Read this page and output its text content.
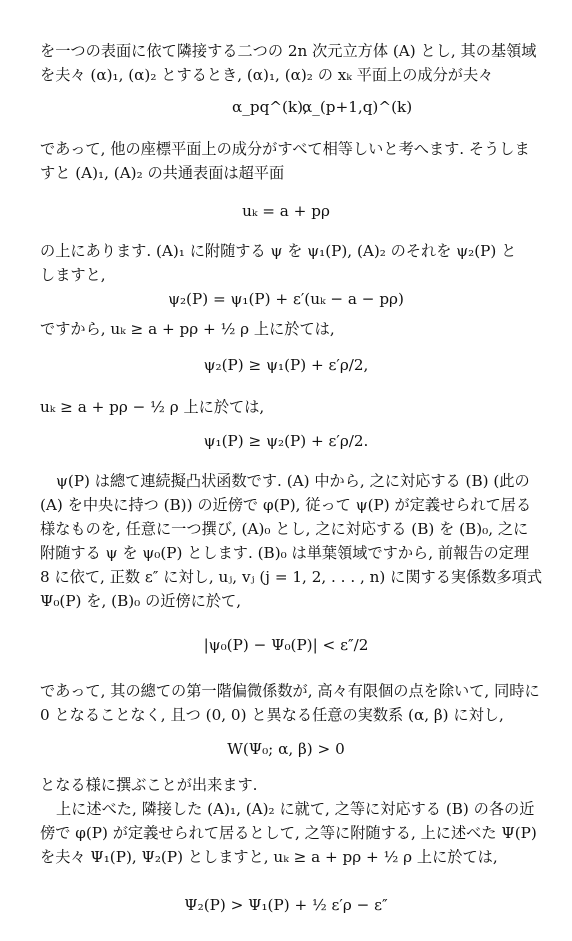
を一つの表面に依て隣接する二つの 2n 次元立方体 (A) とし, 其の基領域
を夫々 (α)₁, (α)₂ とするとき, (α)₁, (α)₂ の xₖ 平面上の成分が夫々
α_pq^(k),
α_(p+1,q)^(k)
であって, 他の座標平面上の成分がすべて相等しいと考へます. そうしま
すと (A)₁, (A)₂ の共通表面は超平面
uₖ = a + pρ
の上にあります. (A)₁ に附随する ψ を ψ₁(P), (A)₂ のそれを ψ₂(P) と
しますと,
ψ₂(P) = ψ₁(P) + ε′(uₖ − a − pρ)
ですから, uₖ ≥ a + pρ + ½ ρ 上に於ては,
ψ₂(P) ≥ ψ₁(P) + ε′ρ/2,
uₖ ≥ a + pρ − ½ ρ 上に於ては,
ψ₁(P) ≥ ψ₂(P) + ε′ρ/2.
ψ(P) は總て連続擬凸状函数です. (A) 中から, 之に対応する (B) (此の
(A) を中央に持つ (B)) の近傍で φ(P), 従って ψ(P) が定義せられて居る
様なものを, 任意に一つ撰び, (A)₀ とし, 之に対応する (B) を (B)₀, 之に
附随する ψ を ψ₀(P) とします. (B)₀ は単葉領域ですから, 前報告の定理
8 に依て, 正数 ε″ に対し, uⱼ, vⱼ (j = 1, 2, . . . , n) に関する実係数多項式
Ψ₀(P) を, (B)₀ の近傍に於て,
|ψ₀(P) − Ψ₀(P)| < ε″/2
であって, 其の總ての第一階偏微係数が, 高々有限個の点を除いて, 同時に
0 となることなく, 且つ (0, 0) と異なる任意の実数系 (α, β) に対し,
W(Ψ₀; α, β) > 0
となる様に撰ぶことが出来ます.
上に述べた, 隣接した (A)₁, (A)₂ に就て, 之等に対応する (B) の各の近
傍で φ(P) が定義せられて居るとして, 之等に附随する, 上に述べた Ψ(P)
を夫々 Ψ₁(P), Ψ₂(P) としますと, uₖ ≥ a + pρ + ½ ρ 上に於ては,
Ψ₂(P) > Ψ₁(P) + ½ ε′ρ − ε″
